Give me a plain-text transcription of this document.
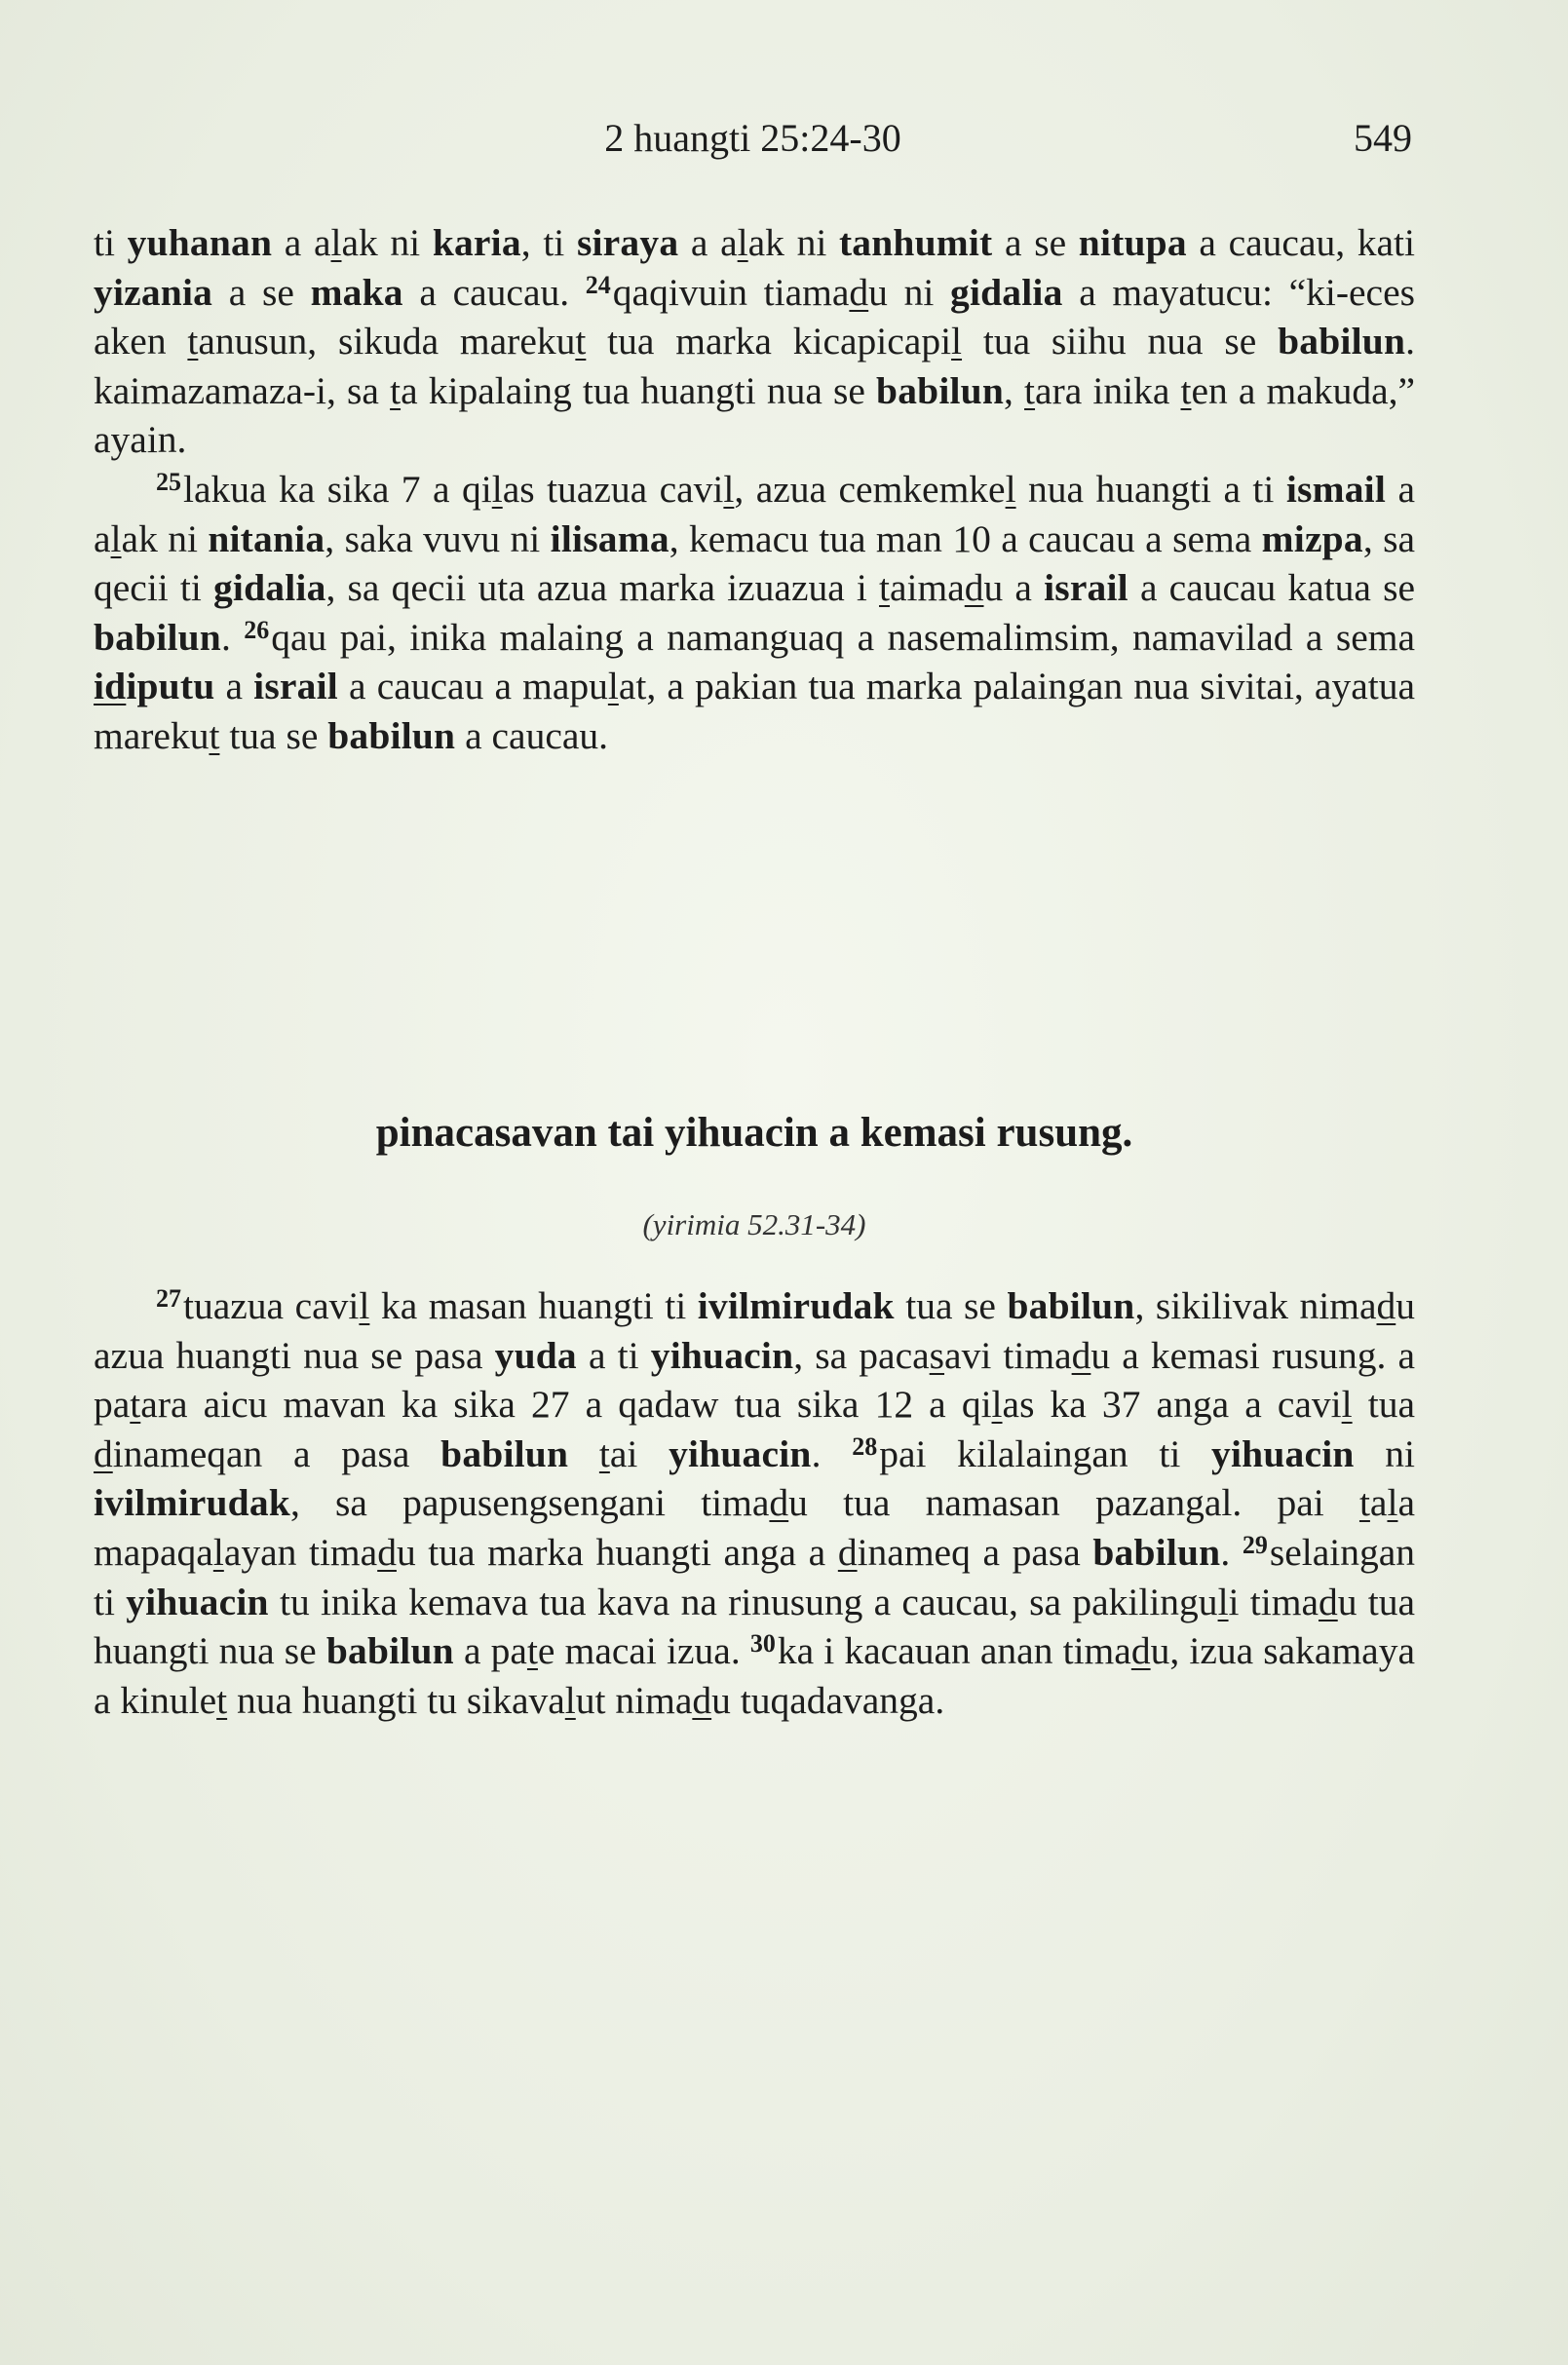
2 huangti 25:24-30	549

ti yuhanan a alak ni karia, ti siraya a alak ni tanhumit a se nitupa a caucau, kati yizania a se maka a caucau. $^{24}$qaqivuin tiamadu ni gidalia a mayatucu: “ki-eces aken tanusun, sikuda marekut tua marka kicapicapil tua siihu nua se babilun. kaimazamaza-i, sa ta kipalaing tua huangti nua se babilun, tara inika ten a makuda,” ayain.

$^{25}$lakua ka sika 7 a qilas tuazua cavil, azua cemkemkel nua huangti a ti ismail a alak ni nitania, saka vuvu ni ilisama, kemacu tua man 10 a caucau a sema mizpa, sa qecii ti gidalia, sa qecii uta azua marka izuazua i taimadu a israil a caucau katua se babilun. $^{26}$qau pai, inika malaing a namanguaq a nasemalimsim, namavilad a sema idiputu a israil a caucau a mapulat, a pakian tua marka palaingan nua sivitai, ayatua marekut tua se babilun a caucau.

pinacasavan tai yihuacin a kemasi rusung.
(yirimia 52.31-34)

$^{27}$tuazua cavil ka masan huangti ti ivilmirudak tua se babilun, sikilivak nimadu azua huangti nua se pasa yuda a ti yihuacin, sa pacasavi timadu a kemasi rusung. a patara aicu mavan ka sika 27 a qadaw tua sika 12 a qilas ka 37 anga a cavil tua dinameqan a pasa babilun tai yihuacin. $^{28}$pai kilalaingan ti yihuacin ni ivilmirudak, sa papusengsengani timadu tua namasan pazangal. pai tala mapaqalayan timadu tua marka huangti anga a dinameq a pasa babilun. $^{29}$selaingan ti yihuacin tu inika kemava tua kava na rinusung a caucau, sa pakilinguli timadu tua huangti nua se babilun a pate macai izua. $^{30}$ka i kacauan anan timadu, izua sakamaya a kinulet nua huangti tu sikavalut nimadu tuqadavanga.
